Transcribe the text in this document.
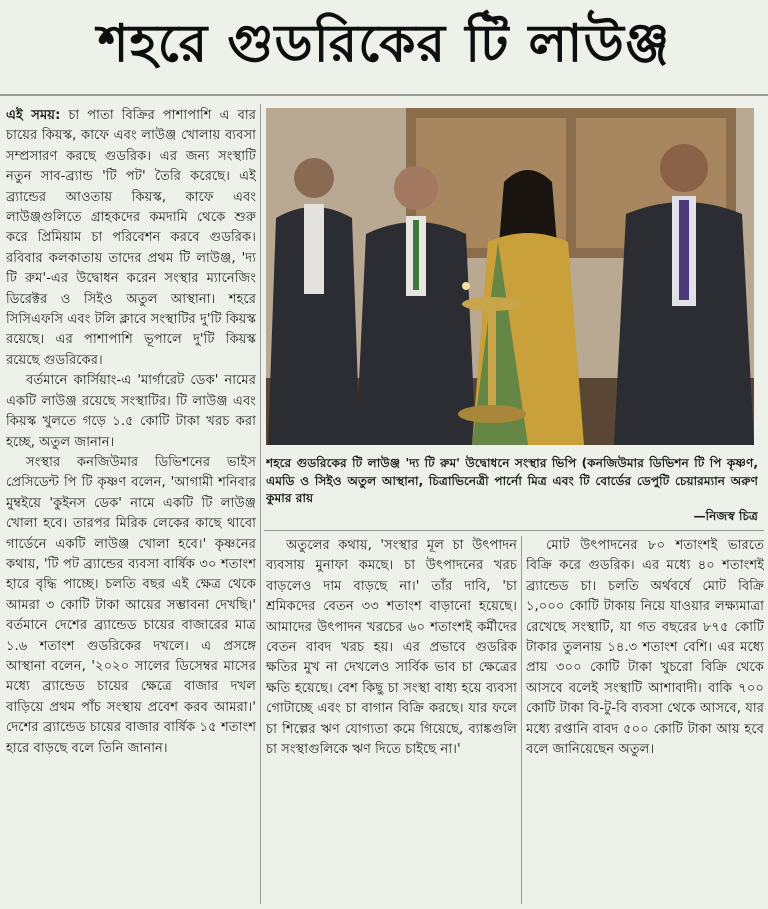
শহরে গুডরিকের টি লাউঞ্জ

এই সময়: চা পাতা বিক্রির পাশাপাশি এ বার চায়ের কিয়স্ক, কাফে এবং লাউঞ্জ খোলায় ব্যবসা সম্প্রসারণ করছে গুডরিক। এর জন্য সংস্থাটি নতুন সাব-ব্র্যান্ড 'টি পট' তৈরি করেছে। এই ব্র্যান্ডের আওতায় কিয়স্ক, কাফে এবং লাউঞ্জগুলিতে গ্রাহকদের কমদামি থেকে শুরু করে প্রিমিয়াম চা পরিবেশন করবে গুডরিক। রবিবার কলকাতায় তাদের প্রথম টি লাউঞ্জ, 'দ্য টি রুম'-এর উদ্বোধন করেন সংস্থার ম্যানেজিং ডিরেক্টর ও সিইও অতুল আস্থানা। শহরে সিসিএফসি এবং টলি ক্লাবে সংস্থাটির দু'টি কিয়স্ক রয়েছে। এর পাশাপাশি ভূপালে দু'টি কিয়স্ক রয়েছে গুডরিকের।

বর্তমানে কার্সিয়াং-এ 'মার্গারেট ডেক' নামের একটি লাউঞ্জ রয়েছে সংস্থাটির। টি লাউঞ্জ এবং কিয়স্ক খুলতে গড়ে ১.৫ কোটি টাকা খরচ করা হচ্ছে, অতুল জানান।

সংস্থার কনজিউমার ডিভিশনের ভাইস প্রেসিডেন্ট পি টি কৃষ্ণণ বলেন, 'আগামী শনিবার মুম্বইয়ে 'কুইনস ডেক' নামে একটি টি লাউঞ্জ খোলা হবে। তারপর মিরিক লেকের কাছে থাবো গার্ডেনে একটি লাউঞ্জ খোলা হবে।' কৃষ্ণনের কথায়, 'টি পট ব্র্যান্ডের ব্যবসা বার্ষিক ৩০ শতাংশ হারে বৃদ্ধি পাচ্ছে। চলতি বছর এই ক্ষেত্র থেকে আমরা ৩ কোটি টাকা আয়ের সম্ভাবনা দেখছি।' বর্তমানে দেশের ব্র্যান্ডেড চায়ের বাজারের মাত্র ১.৬ শতাংশ গুডরিকের দখলে। এ প্রসঙ্গে আস্থানা বলেন, '২০২০ সালের ডিসেম্বর মাসের মধ্যে ব্র্যান্ডেড চায়ের ক্ষেত্রে বাজার দখল বাড়িয়ে প্রথম পাঁচ সংস্থায় প্রবেশ করব আমরা।' দেশের ব্র্যান্ডেড চায়ের বাজার বার্ষিক ১৫ শতাংশ হারে বাড়ছে বলে তিনি জানান।

অতুলের কথায়, 'সংস্থার মূল চা উৎপাদন ব্যবসায় মুনাফা কমছে। চা উৎপাদনের খরচ বাড়লেও দাম বাড়ছে না।' তাঁর দাবি, 'চা শ্রমিকদের বেতন ৩৩ শতাংশ বাড়ানো হয়েছে। আমাদের উৎপাদন খরচের ৬০ শতাংশই কর্মীদের বেতন বাবদ খরচ হয়। এর প্রভাবে গুডরিক ক্ষতির মুখ না দেখলেও সার্বিক ভাব চা ক্ষেত্রের ক্ষতি হয়েছে। বেশ কিছু চা সংস্থা বাধ্য হয়ে ব্যবসা গোটাচ্ছে এবং চা বাগান বিক্রি করছে। যার ফলে চা শিল্পের ঋণ যোগ্যতা কমে গিয়েছে, ব্যাঙ্কগুলি চা সংস্থাগুলিকে ঋণ দিতে চাইছে না।'

মোট উৎপাদনের ৮০ শতাংশই ভারতে বিক্রি করে গুডরিক। এর মধ্যে ৪০ শতাংশই ব্র্যান্ডেড চা। চলতি অর্থবর্ষে মোট বিক্রি ১,০০০ কোটি টাকায় নিয়ে যাওয়ার লক্ষ্যমাত্রা রেখেছে সংস্থাটি, যা গত বছরের ৮৭৫ কোটি টাকার তুলনায় ১৪.৩ শতাংশ বেশি। এর মধ্যে প্রায় ৩০০ কোটি টাকা খুচরো বিক্রি থেকে আসবে বলেই সংস্থাটি আশাবাদী। বাকি ৭০০ কোটি টাকা বি-টু-বি ব্যবসা থেকে আসবে, যার মধ্যে রপ্তানি বাবদ ৫০০ কোটি টাকা আয় হবে বলে জানিয়েছেন অতুল।

শহরে গুডরিকের টি লাউঞ্জ 'দ্য টি রুম' উদ্বোধনে সংস্থার ভিপি (কনজিউমার ডিভিশন টি পি কৃষ্ণণ, এমডি ও সিইও অতুল আস্থানা, চিত্রাভিনেত্রী পার্নো মিত্র এবং টি বোর্ডের ডেপুটি চেয়ারম্যান অরুণ কুমার রায়
—নিজস্ব চিত্র
